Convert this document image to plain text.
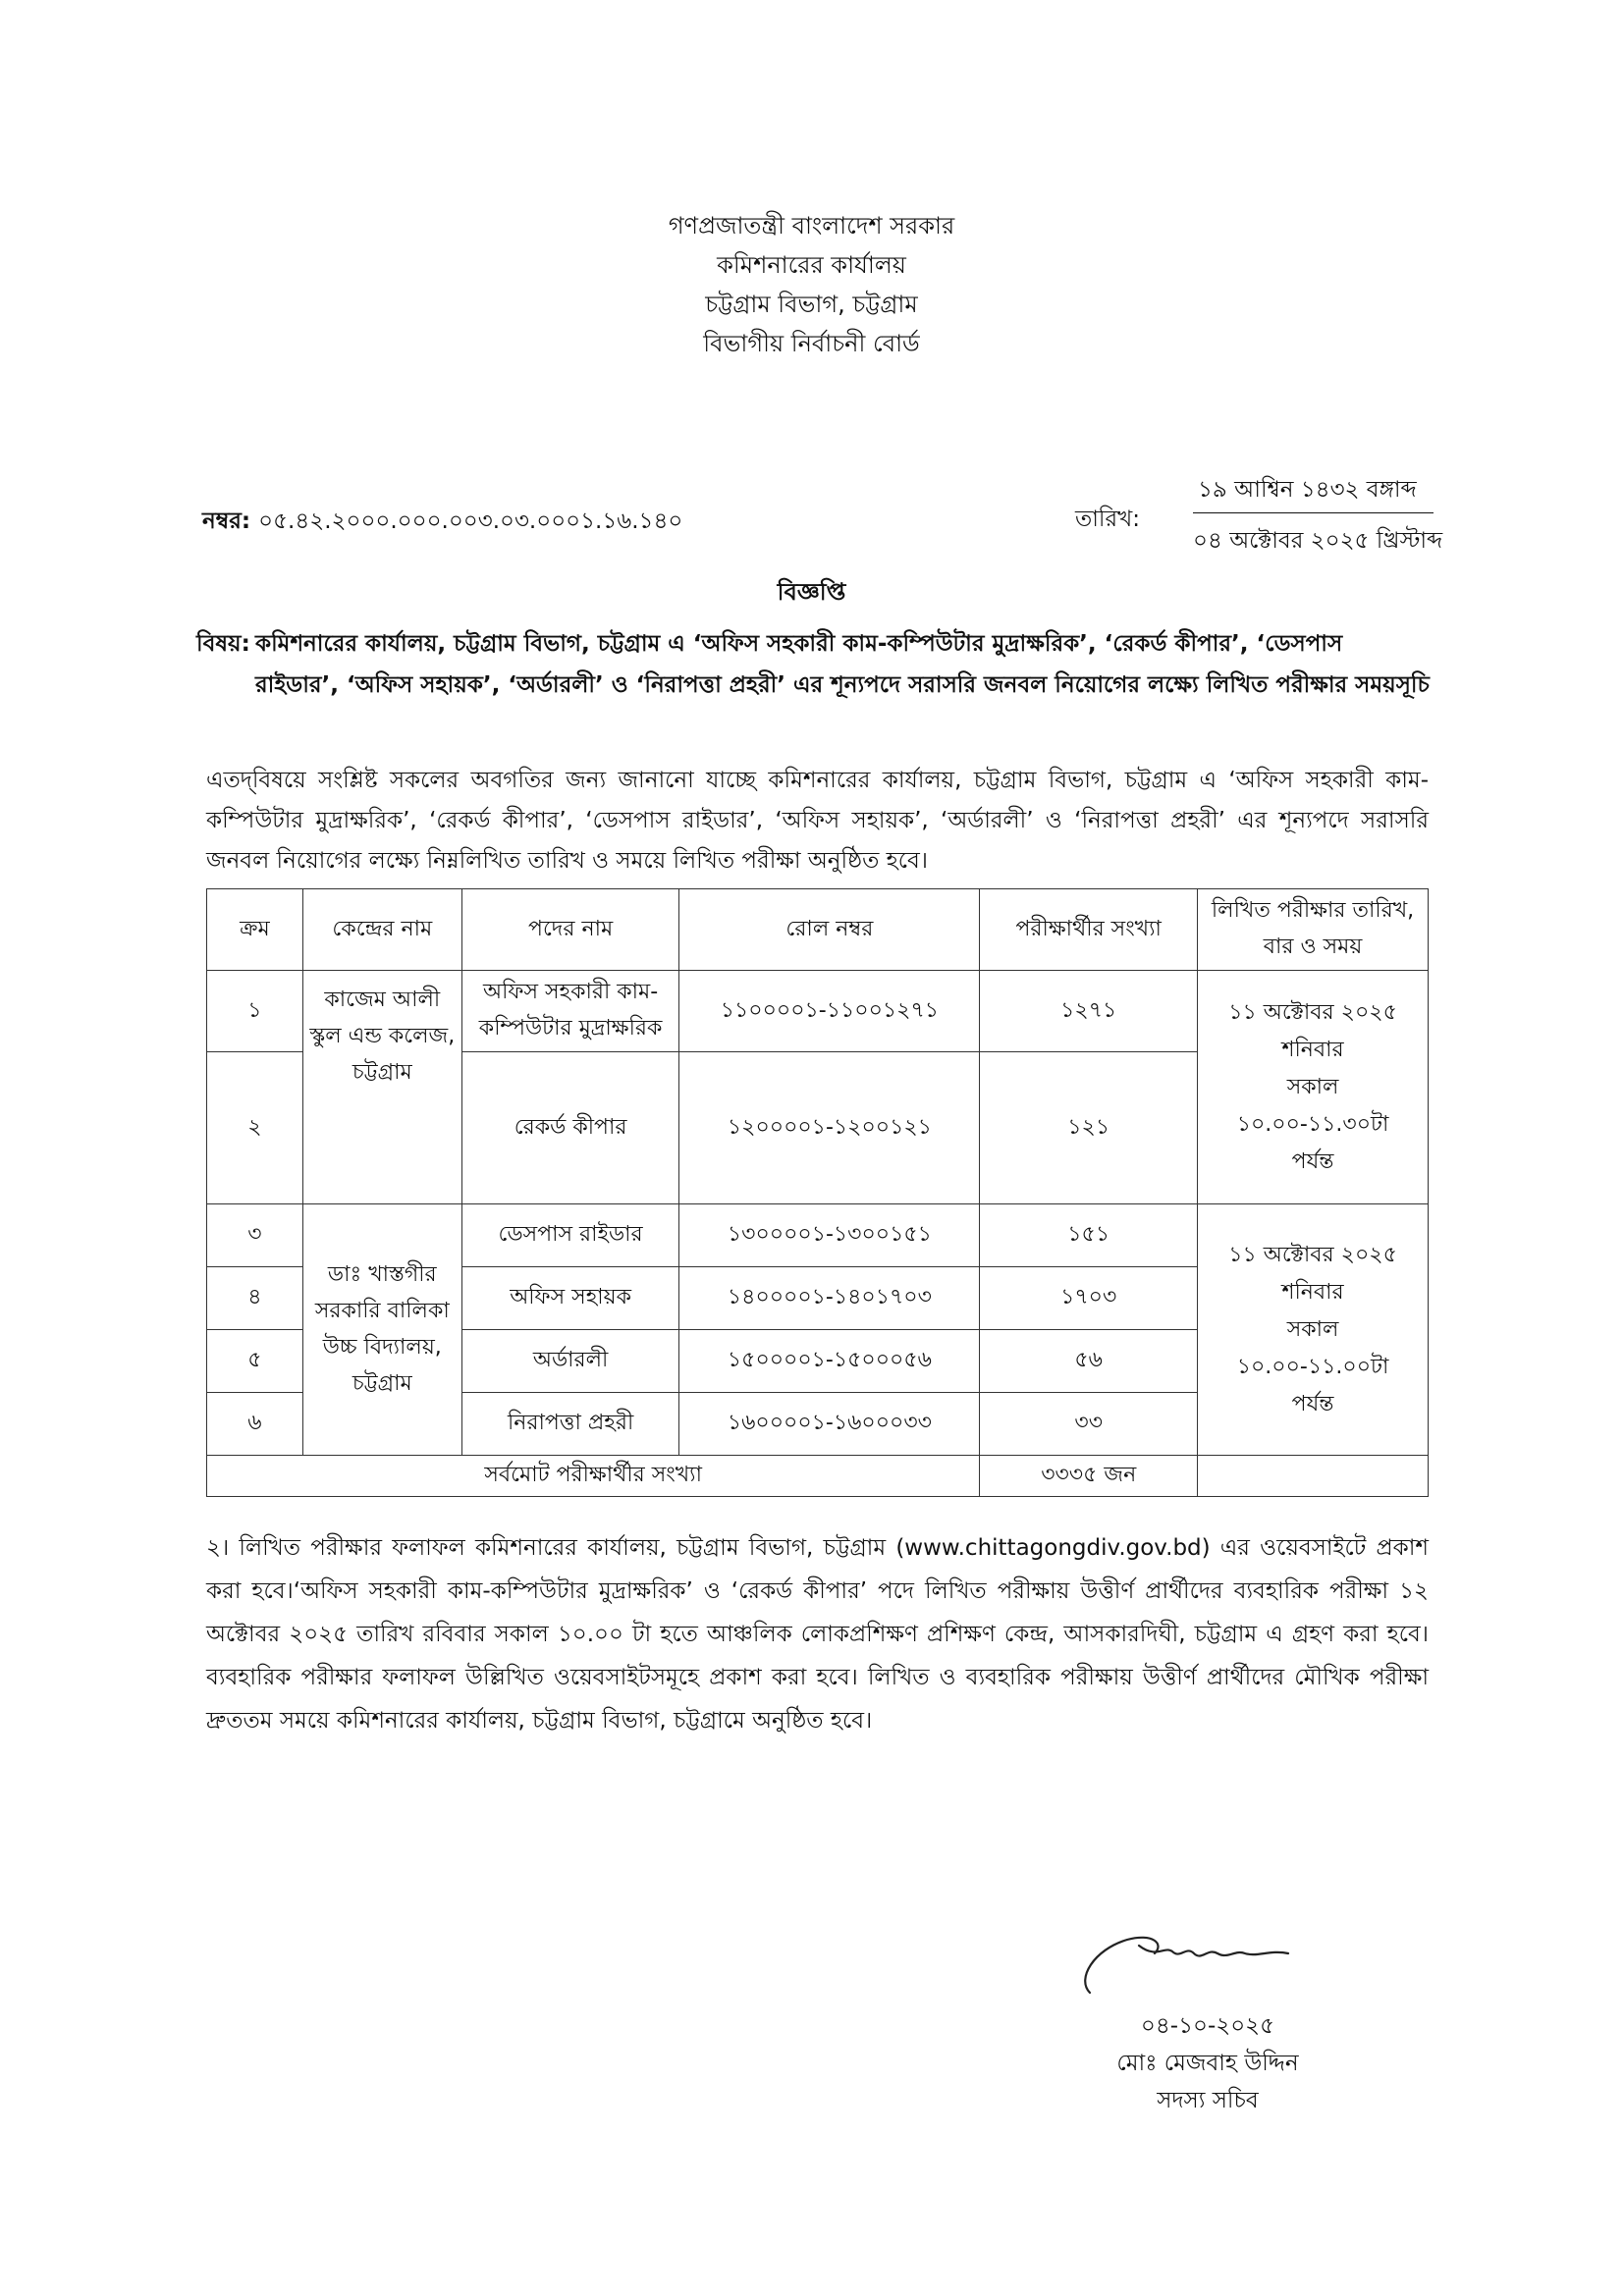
গণপ্রজাতন্ত্রী বাংলাদেশ সরকার
কমিশনারের কার্যালয়
চট্টগ্রাম বিভাগ, চট্টগ্রাম
বিভাগীয় নির্বাচনী বোর্ড
নম্বর: ০৫.৪২.২০০০.০০০.০০৩.০৩.০০০১.১৬.১৪০	তারিখ:
১৯ আশ্বিন ১৪৩২ বঙ্গাব্দ
০৪ অক্টোবর ২০২৫ খ্রিস্টাব্দ
বিজ্ঞপ্তি
বিষয়: কমিশনারের কার্যালয়, চট্টগ্রাম বিভাগ, চট্টগ্রাম এ ‘অফিস সহকারী কাম-কম্পিউটার মুদ্রাক্ষরিক’, ‘রেকর্ড কীপার’, ‘ডেসপাস রাইডার’, ‘অফিস সহায়ক’, ‘অর্ডারলী’ ও ‘নিরাপত্তা প্রহরী’ এর শূন্যপদে সরাসরি জনবল নিয়োগের লক্ষ্যে লিখিত পরীক্ষার সময়সূচি
এতদ্‌বিষয়ে সংশ্লিষ্ট সকলের অবগতির জন্য জানানো যাচ্ছে কমিশনারের কার্যালয়, চট্টগ্রাম বিভাগ, চট্টগ্রাম এ ‘অফিস সহকারী কাম-কম্পিউটার মুদ্রাক্ষরিক’, ‘রেকর্ড কীপার’, ‘ডেসপাস রাইডার’, ‘অফিস সহায়ক’, ‘অর্ডারলী’ ও ‘নিরাপত্তা প্রহরী’ এর শূন্যপদে সরাসরি জনবল নিয়োগের লক্ষ্যে নিম্নলিখিত তারিখ ও সময়ে লিখিত পরীক্ষা অনুষ্ঠিত হবে।
ক্রম	কেন্দ্রের নাম	পদের নাম	রোল নম্বর	পরীক্ষার্থীর সংখ্যা	লিখিত পরীক্ষার তারিখ, বার ও সময়
১	কাজেম আলী স্কুল এন্ড কলেজ, চট্টগ্রাম	অফিস সহকারী কাম-কম্পিউটার মুদ্রাক্ষরিক	১১০০০০১-১১০০১২৭১	১২৭১	১১ অক্টোবর ২০২৫
শনিবার
সকাল
১০.০০-১১.৩০টা
পর্যন্ত

২		রেকর্ড কীপার	১২০০০০১-১২০০১২১	১২১	
৩	ডাঃ খাস্তগীর সরকারি বালিকা উচ্চ বিদ্যালয়, চট্টগ্রাম	ডেসপাস রাইডার	১৩০০০০১-১৩০০১৫১	১৫১	১১ অক্টোবর ২০২৫
শনিবার
সকাল
১০.০০-১১.০০টা
পর্যন্ত

৪		অফিস সহায়ক	১৪০০০০১-১৪০১৭০৩	১৭০৩	
৫		অর্ডারলী	১৫০০০০১-১৫০০০৫৬	৫৬	
৬		নিরাপত্তা প্রহরী	১৬০০০০১-১৬০০০৩৩	৩৩	
সর্বমোট পরীক্ষার্থীর সংখ্যা				৩৩৩৫ জন	
২। লিখিত পরীক্ষার ফলাফল কমিশনারের কার্যালয়, চট্টগ্রাম বিভাগ, চট্টগ্রাম (www.chittagongdiv.gov.bd) এর ওয়েবসাইটে প্রকাশ করা হবে।‘অফিস সহকারী কাম-কম্পিউটার মুদ্রাক্ষরিক’ ও ‘রেকর্ড কীপার’ পদে লিখিত পরীক্ষায় উত্তীর্ণ প্রার্থীদের ব্যবহারিক পরীক্ষা ১২ অক্টোবর ২০২৫ তারিখ রবিবার সকাল ১০.০০ টা হতে আঞ্চলিক লোকপ্রশিক্ষণ প্রশিক্ষণ কেন্দ্র, আসকারদিঘী, চট্টগ্রাম এ গ্রহণ করা হবে। ব্যবহারিক পরীক্ষার ফলাফল উল্লিখিত ওয়েবসাইটসমূহে প্রকাশ করা হবে। লিখিত ও ব্যবহারিক পরীক্ষায় উত্তীর্ণ প্রার্থীদের মৌখিক পরীক্ষা দ্রুততম সময়ে কমিশনারের কার্যালয়, চট্টগ্রাম বিভাগ, চট্টগ্রামে অনুষ্ঠিত হবে।
০৪-১০-২০২৫
মোঃ মেজবাহ উদ্দিন
সদস্য সচিব
